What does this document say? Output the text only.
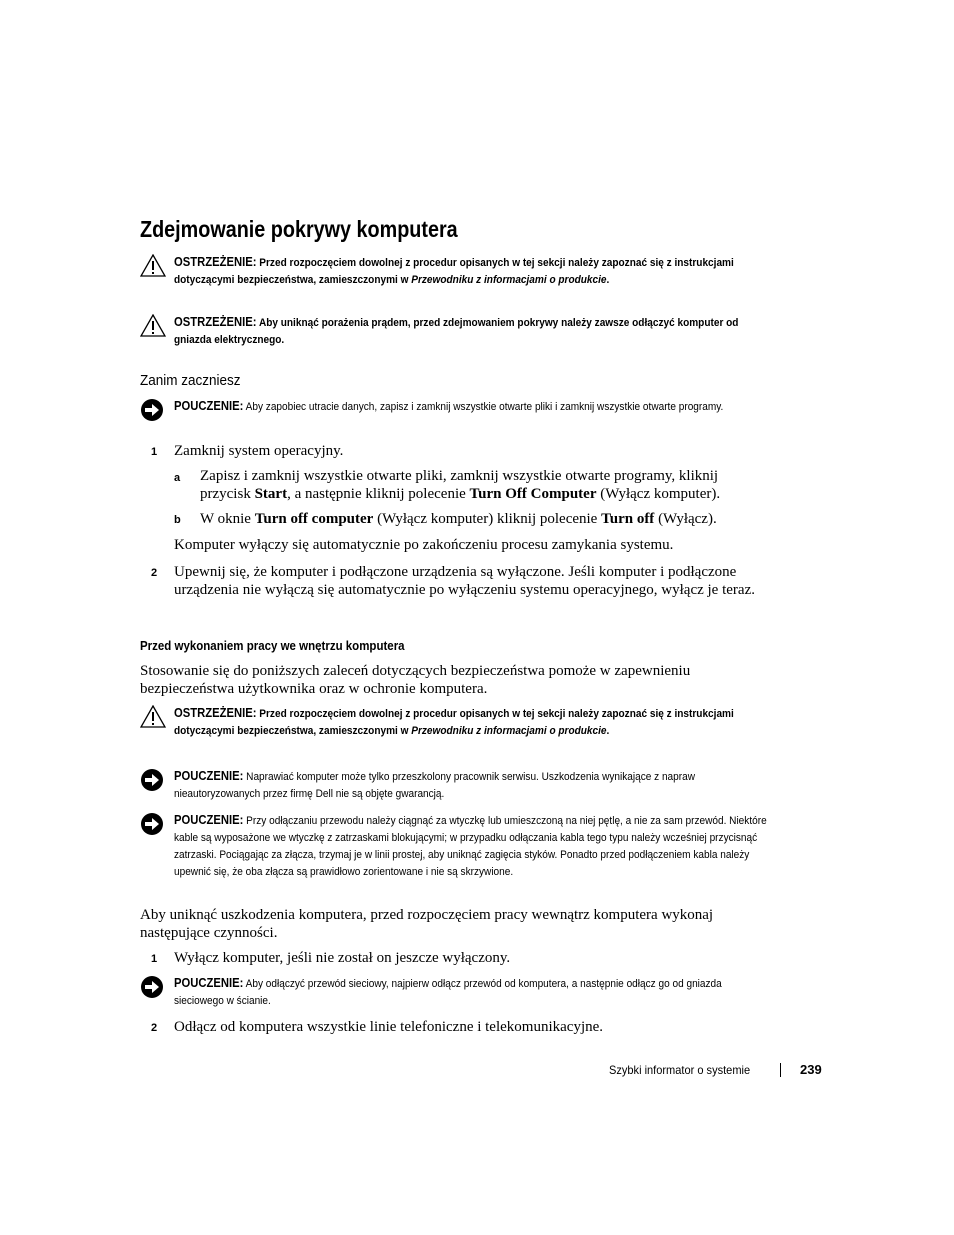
Zdejmowanie pokrywy komputera
OSTRZEŻENIE: Przed rozpoczęciem dowolnej z procedur opisanych w tej sekcji należy zapoznać się z instrukcjami dotyczącymi bezpieczeństwa, zamieszczonymi w Przewodniku z informacjami o produkcie.
OSTRZEŻENIE: Aby uniknąć porażenia prądem, przed zdejmowaniem pokrywy należy zawsze odłączyć komputer od gniazda elektrycznego.
Zanim zaczniesz
POUCZENIE: Aby zapobiec utracie danych, zapisz i zamknij wszystkie otwarte pliki i zamknij wszystkie otwarte programy.
1 Zamknij system operacyjny.
a Zapisz i zamknij wszystkie otwarte pliki, zamknij wszystkie otwarte programy, kliknij przycisk Start, a następnie kliknij polecenie Turn Off Computer (Wyłącz komputer).
b W oknie Turn off computer (Wyłącz komputer) kliknij polecenie Turn off (Wyłącz).
Komputer wyłączy się automatycznie po zakończeniu procesu zamykania systemu.
2 Upewnij się, że komputer i podłączone urządzenia są wyłączone. Jeśli komputer i podłączone urządzenia nie wyłączą się automatycznie po wyłączeniu systemu operacyjnego, wyłącz je teraz.
Przed wykonaniem pracy we wnętrzu komputera
Stosowanie się do poniższych zaleceń dotyczących bezpieczeństwa pomoże w zapewnieniu bezpieczeństwa użytkownika oraz w ochronie komputera.
OSTRZEŻENIE: Przed rozpoczęciem dowolnej z procedur opisanych w tej sekcji należy zapoznać się z instrukcjami dotyczącymi bezpieczeństwa, zamieszczonymi w Przewodniku z informacjami o produkcie.
POUCZENIE: Naprawiać komputer może tylko przeszkolony pracownik serwisu. Uszkodzenia wynikające z napraw nieautoryzowanych przez firmę Dell nie są objęte gwarancją.
POUCZENIE: Przy odłączaniu przewodu należy ciągnąć za wtyczkę lub umieszczoną na niej pętlę, a nie za sam przewód. Niektóre kable są wyposażone we wtyczkę z zatrzaskami blokującymi; w przypadku odłączania kabla tego typu należy wcześniej przycisnąć zatrzaski. Pociągając za złącza, trzymaj je w linii prostej, aby uniknąć zagięcia styków. Ponadto przed podłączeniem kabla należy upewnić się, że oba złącza są prawidłowo zorientowane i nie są skrzywione.
Aby uniknąć uszkodzenia komputera, przed rozpoczęciem pracy wewnątrz komputera wykonaj następujące czynności.
1 Wyłącz komputer, jeśli nie został on jeszcze wyłączony.
POUCZENIE: Aby odłączyć przewód sieciowy, najpierw odłącz przewód od komputera, a następnie odłącz go od gniazda sieciowego w ścianie.
2 Odłącz od komputera wszystkie linie telefoniczne i telekomunikacyjne.
Szybki informator o systemie	239
